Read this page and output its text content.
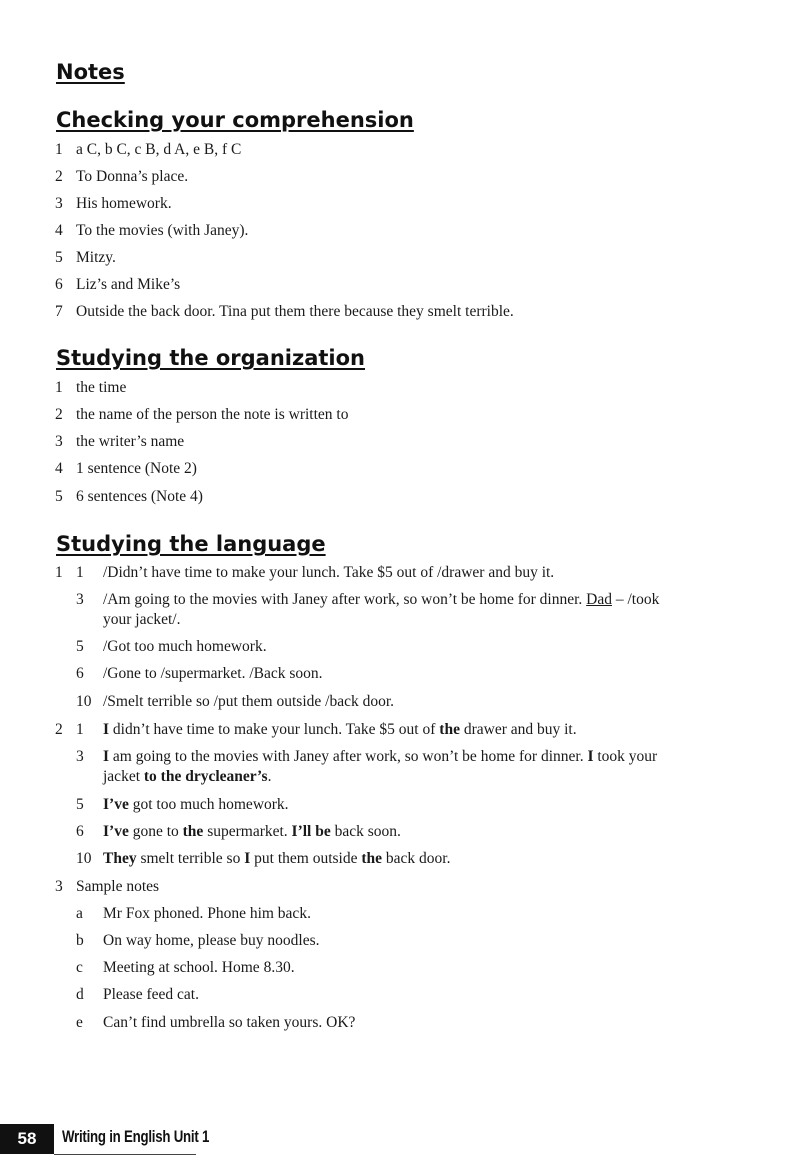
Notes
Checking your comprehension
1 a C, b C, c B, d A, e B, f C
2 To Donna’s place.
3 His homework.
4 To the movies (with Janey).
5 Mitzy.
6 Liz’s and Mike’s
7 Outside the back door. Tina put them there because they smelt terrible.
Studying the organization
1 the time
2 the name of the person the note is written to
3 the writer’s name
4 1 sentence (Note 2)
5 6 sentences (Note 4)
Studying the language
1 1	/Didn’t have time to make your lunch. Take $5 out of /drawer and buy it.
3	/Am going to the movies with Janey after work, so won’t be home for dinner. Dad – /took
your jacket/.
5	/Got too much homework.
6	/Gone to /supermarket. /Back soon.
10 /Smelt terrible so /put them outside /back door.
2 1	I didn’t have time to make your lunch. Take $5 out of the drawer and buy it.
3	I am going to the movies with Janey after work, so won’t be home for dinner. I took your
jacket to the drycleaner’s.
5	I’ve got too much homework.
6	I’ve gone to the supermarket. I’ll be back soon.
10 They smelt terrible so I put them outside the back door.
3 Sample notes
a	Mr Fox phoned. Phone him back.
b	On way home, please buy noodles.
c	Meeting at school. Home 8.30.
d	Please feed cat.
e	Can’t find umbrella so taken yours. OK?
58	Writing in English Unit 1
